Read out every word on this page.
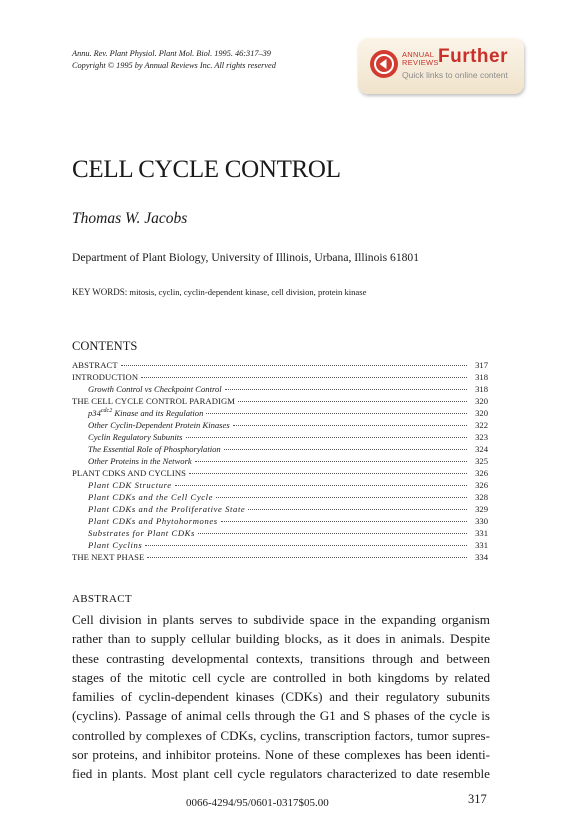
Annu. Rev. Plant Physiol. Plant Mol. Biol. 1995. 46:317–39
Copyright © 1995 by Annual Reviews Inc. All rights reserved
ANNUAL
REVIEWS Further
Quick links to online content
CELL CYCLE CONTROL
Thomas W. Jacobs
Department of Plant Biology, University of Illinois, Urbana, Illinois 61801
KEY WORDS: mitosis, cyclin, cyclin-dependent kinase, cell division, protein kinase
CONTENTS
ABSTRACT	317
INTRODUCTION	318
Growth Control vs Checkpoint Control	318
THE CELL CYCLE CONTROL PARADIGM	320
$p34^{cdc2}$ Kinase and its Regulation	320
Other Cyclin-Dependent Protein Kinases	322
Cyclin Regulatory Subunits	323
The Essential Role of Phosphorylation	324
Other Proteins in the Network	325
PLANT CDKS AND CYCLINS	326
Plant CDK Structure	326
Plant CDKs and the Cell Cycle	328
Plant CDKs and the Proliferative State	329
Plant CDKs and Phytohormones	330
Substrates for Plant CDKs	331
Plant Cyclins	331
THE NEXT PHASE	334
ABSTRACT
Cell division in plants serves to subdivide space in the expanding organism
rather than to supply cellular building blocks, as it does in animals. Despite
these contrasting developmental contexts, transitions through and between
stages of the mitotic cell cycle are controlled in both kingdoms by related
families of cyclin-dependent kinases (CDKs) and their regulatory subunits
(cyclins). Passage of animal cells through the G1 and S phases of the cycle is
controlled by complexes of CDKs, cyclins, transcription factors, tumor supres-
sor proteins, and inhibitor proteins. None of these complexes has been identi-
fied in plants. Most plant cell cycle regulators characterized to date resemble
0066-4294/95/0601-0317$05.00	317
